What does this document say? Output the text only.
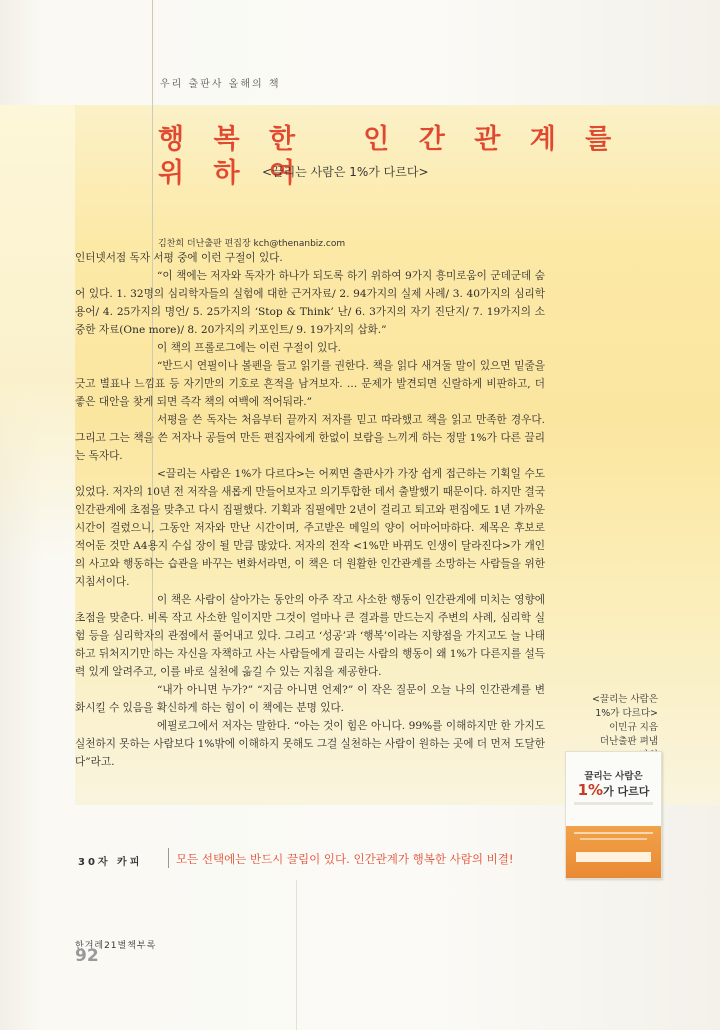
우리 출판사 올해의 책
행 복 한   인 간 관 계 를
위 하 여
<끌리는 사람은 1%가 다르다>
김찬희 더난출판 편집장 kch@thenanbiz.com

인터넷서점 독자 서평 중에 이런 구절이 있다.

“이 책에는 저자와 독자가 하나가 되도록 하기 위하여 9가지 흥미로움이 군데군데 숨어 있다. 1. 32명의 심리학자들의 실험에 대한 근거자료/ 2. 94가지의 실제 사례/ 3. 40가지의 심리학 용어/ 4. 25가지의 명언/ 5. 25가지의 ‘Stop & Think’ 난/ 6. 3가지의 자기 진단지/ 7. 19가지의 소중한 자료(One more)/ 8. 20가지의 키포인트/ 9. 19가지의 삽화.”

이 책의 프롤로그에는 이런 구절이 있다.

“반드시 연필이나 볼펜을 들고 읽기를 권한다. 책을 읽다 새겨둘 말이 있으면 밑줄을 긋고 별표나 느낌표 등 자기만의 기호로 흔적을 남겨보자. … 문제가 발견되면 신랄하게 비판하고, 더 좋은 대안을 찾게 되면 즉각 책의 여백에 적어둬라.”

서평을 쓴 독자는 처음부터 끝까지 저자를 믿고 따라했고 책을 읽고 만족한 경우다. 그리고 그는 책을 쓴 저자나 공들여 만든 편집자에게 한없이 보람을 느끼게 하는 정말 1%가 다른 끌리는 독자다.

<끌리는 사람은 1%가 다르다>는 어찌면 출판사가 가장 쉽게 접근하는 기획일 수도 있었다. 저자의 10년 전 저작을 새롭게 만들어보자고 의기투합한 데서 출발했기 때문이다. 하지만 결국 인간관계에 초점을 맞추고 다시 집필했다. 기획과 집필에만 2년이 걸리고 퇴고와 편집에도 1년 가까운 시간이 걸렸으니, 그동안 저자와 만난 시간이며, 주고받은 메일의 양이 어마어마하다. 제목은 후보로 적어둔 것만 A4용지 수십 장이 될 만큼 많았다. 저자의 전작 <1%만 바뀌도 인생이 달라진다>가 개인의 사고와 행동하는 습관을 바꾸는 변화서라면, 이 책은 더 원활한 인간관계를 소망하는 사람들을 위한 지침서이다.

이 책은 사람이 살아가는 동안의 아주 작고 사소한 행동이 인간관계에 미치는 영향에 초점을 맞춘다. 비록 작고 사소한 일이지만 그것이 얼마나 큰 결과를 만드는지 주변의 사례, 심리학 실험 등을 심리학자의 관점에서 풀어내고 있다. 그리고 ‘성공’과 ‘행복’이라는 지향점을 가지고도 늘 나태하고 뒤처지기만 하는 자신을 자책하고 사는 사람들에게 끌리는 사람의 행동이 왜 1%가 다른지를 설득력 있게 알려주고, 이를 바로 실천에 옮길 수 있는 지침을 제공한다.

“내가 아니면 누가?” “지금 아니면 언제?” 이 작은 질문이 오늘 나의 인간관계를 변화시킬 수 있음을 확신하게 하는 힘이 이 책에는 분명 있다.

에필로그에서 저자는 말한다. “아는 것이 힘은 아니다. 99%를 이해하지만 한 가지도 실천하지 못하는 사람보다 1%밖에 이해하지 못해도 그걸 실천하는 사람이 원하는 곳에 더 먼저 도달한다”라고.

<끌리는 사람은
1%가 다르다>
이민규 지음
더난출판 펴냄
끌리는 사람은
1%가 다르다
30자 카피	모든 선택에는 반드시 끌림이 있다. 인간관계가 행복한 사람의 비결!
한겨레21별책부록
92
